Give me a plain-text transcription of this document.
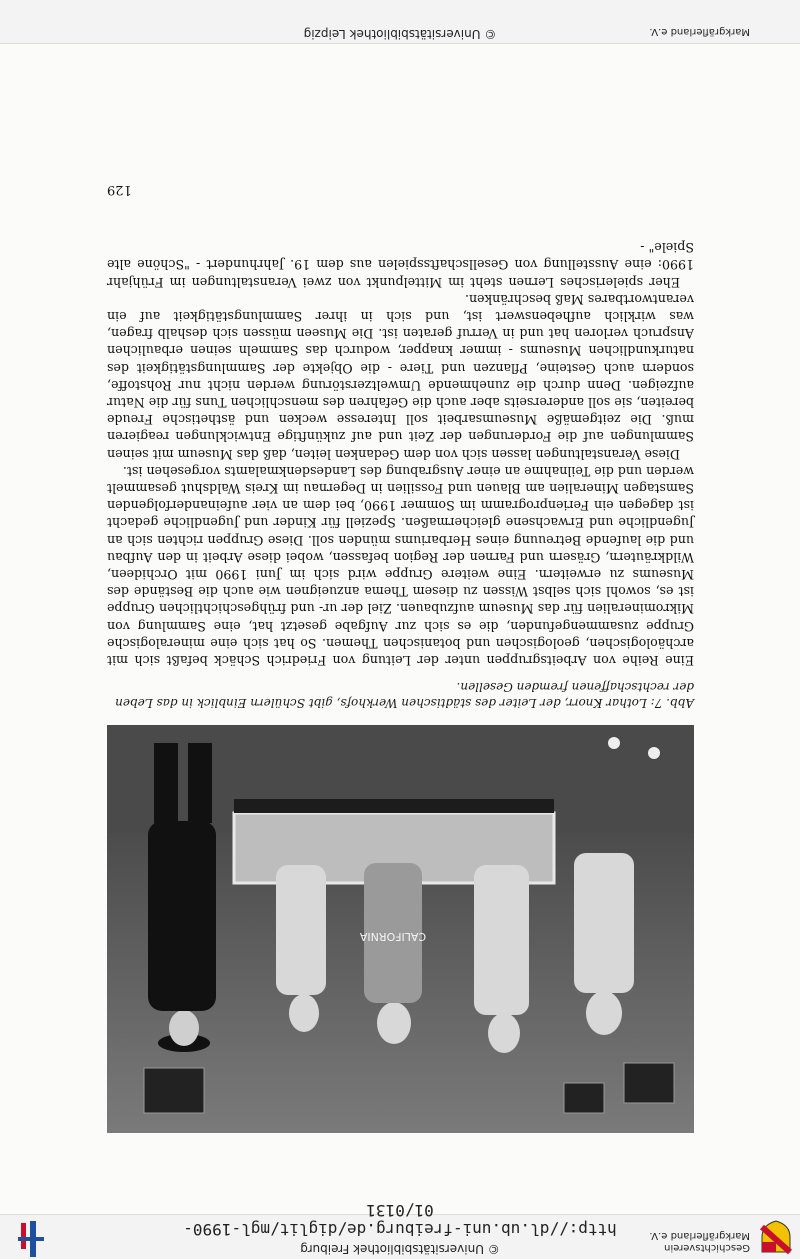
Geschichtsverein Markgräflerland e.V.
© Universitätsbibliothek Freiburg
http://dl.ub.uni-freiburg.de/diglit/mgl-1990-01/0131
CALIFORNIA
Abb. 7: Lothar Knorr, der Leiter des städtischen Werkhofs, gibt Schülern Einblick in das Leben der rechtschaffenen fremden Gesellen.

Eine Reihe von Arbeitsgruppen unter der Leitung von Friedrich Schäck befaßt sich mit archäologischen, geologischen und botanischen Themen. So hat sich eine mineralogische Gruppe zusammengefunden, die es sich zur Aufgabe gesetzt hat, eine Sammlung von Mikromineralien für das Museum aufzubauen. Ziel der ur- und frühgeschichtlichen Gruppe ist es, sowohl sich selbst Wissen zu diesem Thema anzueignen wie auch die Bestände des Museums zu erweitern. Eine weitere Gruppe wird sich im Juni 1990 mit Orchideen, Wildkräutern, Gräsern und Farnen der Region befassen, wobei diese Arbeit in den Aufbau und die laufende Betreuung eines Herbariums münden soll. Diese Gruppen richten sich an Jugendliche und Erwachsene gleichermaßen. Speziell für Kinder und Jugendliche gedacht ist dagegen ein Ferienprogramm im Sommer 1990, bei dem an vier aufeinanderfolgenden Samstagen Mineralien am Blauen und Fossilien in Degernau im Kreis Waldshut gesammelt werden und die Teilnahme an einer Ausgrabung des Landesdenkmalamts vorgesehen ist.

Diese Veranstaltungen lassen sich von dem Gedanken leiten, daß das Museum mit seinen Sammlungen auf die Forderungen der Zeit und auf zukünftige Entwicklungen reagieren muß. Die zeitgemäße Museumsarbeit soll Interesse wecken und ästhetische Freude bereiten, sie soll andererseits aber auch die Gefahren des menschlichen Tuns für die Natur aufzeigen. Denn durch die zunehmende Umweltzerstörung werden nicht nur Rohstoffe, sondern auch Gesteine, Pflanzen und Tiere - die Objekte der Sammlungstätigkeit des naturkundlichen Museums - immer knapper, wodurch das Sammeln seinen erbaulichen Anspruch verloren hat und in Verruf geraten ist. Die Museen müssen sich deshalb fragen, was wirklich aufhebenswert ist, und sich in ihrer Sammlungstätigkeit auf ein verantwortbares Maß beschränken.

Eher spielerisches Lernen steht im Mittelpunkt von zwei Veranstaltungen im Frühjahr 1990: eine Ausstellung von Gesellschaftsspielen aus dem 19. Jahrhundert - "Schöne alte Spiele" -

129
Markgräflerland e.V.
© Universitätsbibliothek Leipzig
